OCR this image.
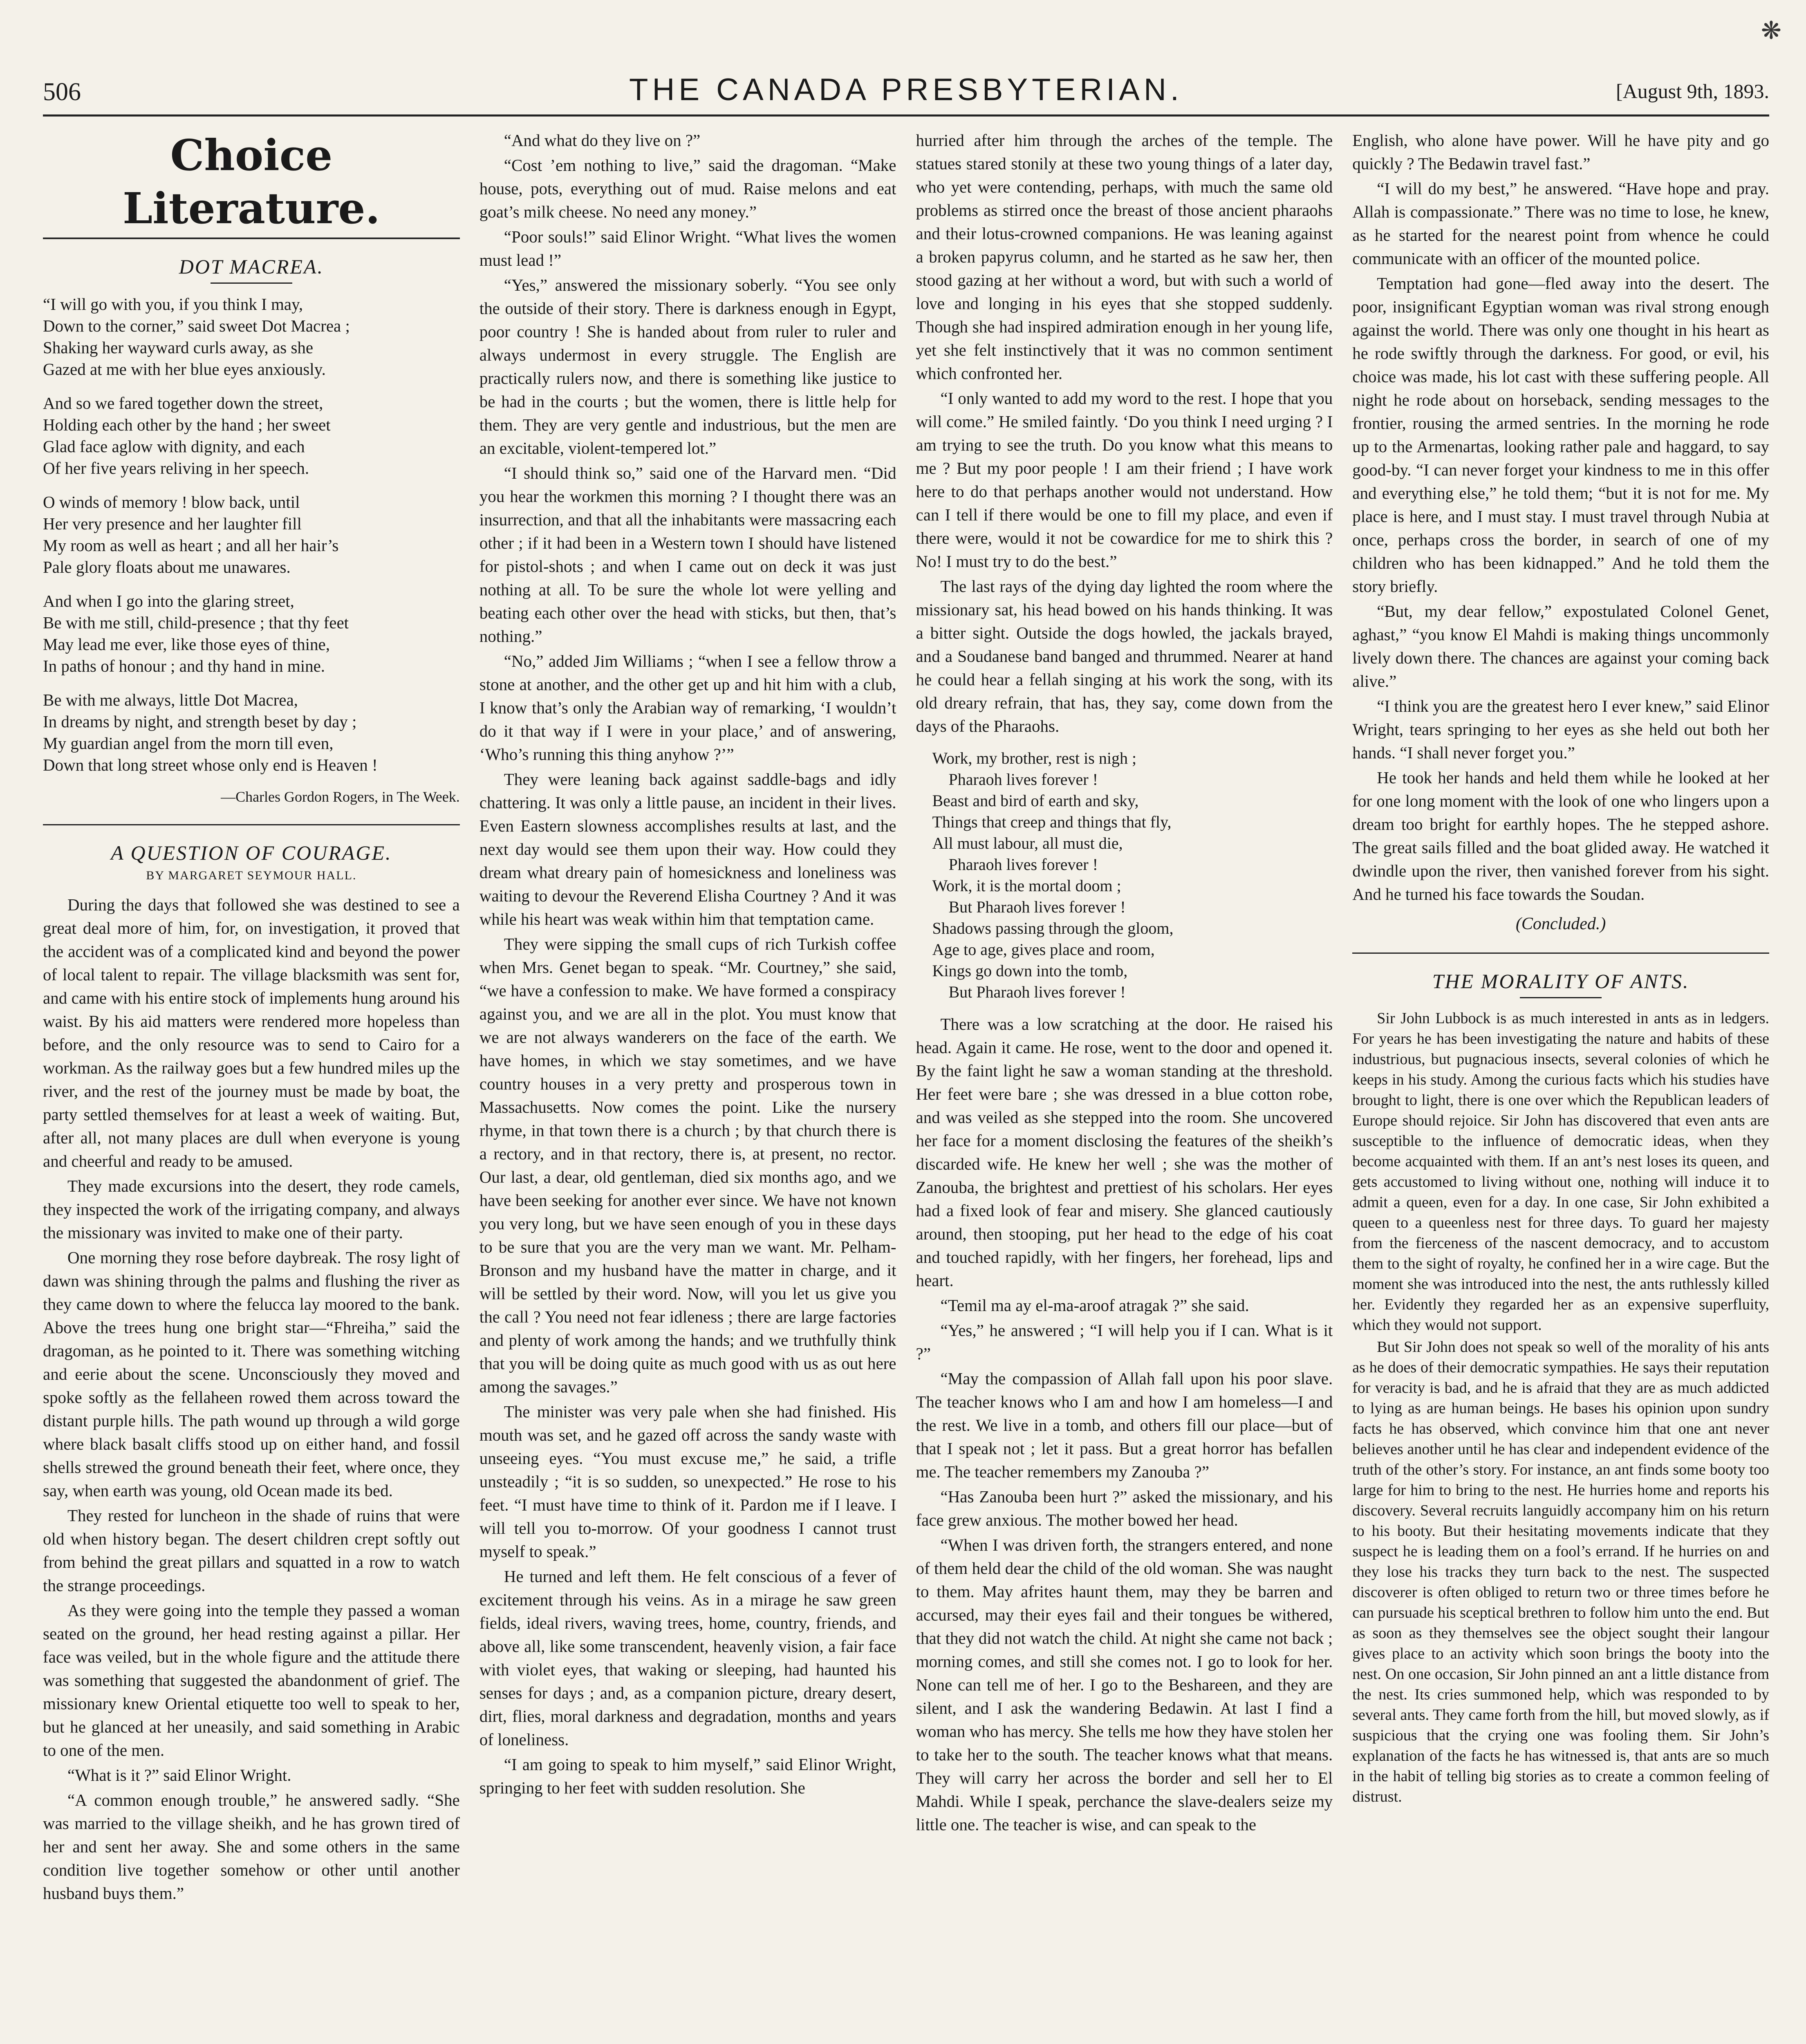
❋
506	THE CANADA PRESBYTERIAN.	[August 9th, 1893.
Choice Literature.
DOT MACREA.
“I will go with you, if you think I may,
Down to the corner,” said sweet Dot Macrea ;
Shaking her wayward curls away, as she
Gazed at me with her blue eyes anxiously.
And so we fared together down the street,
Holding each other by the hand ; her sweet
Glad face aglow with dignity, and each
Of her five years reliving in her speech.
O winds of memory ! blow back, until
Her very presence and her laughter fill
My room as well as heart ; and all her hair’s
Pale glory floats about me unawares.
And when I go into the glaring street,
Be with me still, child-presence ; that thy feet
May lead me ever, like those eyes of thine,
In paths of honour ; and thy hand in mine.
Be with me always, little Dot Macrea,
In dreams by night, and strength beset by day ;
My guardian angel from the morn till even,
Down that long street whose only end is Heaven !
—Charles Gordon Rogers, in The Week.
A QUESTION OF COURAGE.
BY MARGARET SEYMOUR HALL.

During the days that followed she was destined to see a great deal more of him, for, on investigation, it proved that the accident was of a complicated kind and beyond the power of local talent to repair. The village blacksmith was sent for, and came with his entire stock of implements hung around his waist. By his aid matters were rendered more hopeless than before, and the only resource was to send to Cairo for a workman. As the railway goes but a few hundred miles up the river, and the rest of the journey must be made by boat, the party settled themselves for at least a week of waiting. But, after all, not many places are dull when everyone is young and cheerful and ready to be amused.

They made excursions into the desert, they rode camels, they inspected the work of the irrigating company, and always the missionary was invited to make one of their party.

One morning they rose before daybreak. The rosy light of dawn was shining through the palms and flushing the river as they came down to where the felucca lay moored to the bank. Above the trees hung one bright star—“Fhreiha,” said the dragoman, as he pointed to it. There was something witching and eerie about the scene. Unconsciously they moved and spoke softly as the fellaheen rowed them across toward the distant purple hills. The path wound up through a wild gorge where black basalt cliffs stood up on either hand, and fossil shells strewed the ground beneath their feet, where once, they say, when earth was young, old Ocean made its bed.

They rested for luncheon in the shade of ruins that were old when history began. The desert children crept softly out from behind the great pillars and squatted in a row to watch the strange proceedings.

As they were going into the temple they passed a woman seated on the ground, her head resting against a pillar. Her face was veiled, but in the whole figure and the attitude there was something that suggested the abandonment of grief. The missionary knew Oriental etiquette too well to speak to her, but he glanced at her uneasily, and said something in Arabic to one of the men.

“What is it ?” said Elinor Wright.

“A common enough trouble,” he answered sadly. “She was married to the village sheikh, and he has grown tired of her and sent her away. She and some others in the same condition live together somehow or other until another husband buys them.”

“And what do they live on ?”

“Cost ’em nothing to live,” said the dragoman. “Make house, pots, everything out of mud. Raise melons and eat goat’s milk cheese. No need any money.”

“Poor souls!” said Elinor Wright. “What lives the women must lead !”

“Yes,” answered the missionary soberly. “You see only the outside of their story. There is darkness enough in Egypt, poor country ! She is handed about from ruler to ruler and always undermost in every struggle. The English are practically rulers now, and there is something like justice to be had in the courts ; but the women, there is little help for them. They are very gentle and industrious, but the men are an excitable, violent-tempered lot.”

“I should think so,” said one of the Harvard men. “Did you hear the workmen this morning ? I thought there was an insurrection, and that all the inhabitants were massacring each other ; if it had been in a Western town I should have listened for pistol-shots ; and when I came out on deck it was just nothing at all. To be sure the whole lot were yelling and beating each other over the head with sticks, but then, that’s nothing.”

“No,” added Jim Williams ; “when I see a fellow throw a stone at another, and the other get up and hit him with a club, I know that’s only the Arabian way of remarking, ‘I wouldn’t do it that way if I were in your place,’ and of answering, ‘Who’s running this thing anyhow ?’”

They were leaning back against saddle-bags and idly chattering. It was only a little pause, an incident in their lives. Even Eastern slowness accomplishes results at last, and the next day would see them upon their way. How could they dream what dreary pain of homesickness and loneliness was waiting to devour the Reverend Elisha Courtney ? And it was while his heart was weak within him that temptation came.

They were sipping the small cups of rich Turkish coffee when Mrs. Genet began to speak. “Mr. Courtney,” she said, “we have a confession to make. We have formed a conspiracy against you, and we are all in the plot. You must know that we are not always wanderers on the face of the earth. We have homes, in which we stay sometimes, and we have country houses in a very pretty and prosperous town in Massachusetts. Now comes the point. Like the nursery rhyme, in that town there is a church ; by that church there is a rectory, and in that rectory, there is, at present, no rector. Our last, a dear, old gentleman, died six months ago, and we have been seeking for another ever since. We have not known you very long, but we have seen enough of you in these days to be sure that you are the very man we want. Mr. Pelham-Bronson and my husband have the matter in charge, and it will be settled by their word. Now, will you let us give you the call ? You need not fear idleness ; there are large factories and plenty of work among the hands; and we truthfully think that you will be doing quite as much good with us as out here among the savages.”

The minister was very pale when she had finished. His mouth was set, and he gazed off across the sandy waste with unseeing eyes. “You must excuse me,” he said, a trifle unsteadily ; “it is so sudden, so unexpected.” He rose to his feet. “I must have time to think of it. Pardon me if I leave. I will tell you to-morrow. Of your goodness I cannot trust myself to speak.”

He turned and left them. He felt conscious of a fever of excitement through his veins. As in a mirage he saw green fields, ideal rivers, waving trees, home, country, friends, and above all, like some transcendent, heavenly vision, a fair face with violet eyes, that waking or sleeping, had haunted his senses for days ; and, as a companion picture, dreary desert, dirt, flies, moral darkness and degradation, months and years of loneliness.

“I am going to speak to him myself,” said Elinor Wright, springing to her feet with sudden resolution. She

hurried after him through the arches of the temple. The statues stared stonily at these two young things of a later day, who yet were contending, perhaps, with much the same old problems as stirred once the breast of those ancient pharaohs and their lotus-crowned companions. He was leaning against a broken papyrus column, and he started as he saw her, then stood gazing at her without a word, but with such a world of love and longing in his eyes that she stopped suddenly. Though she had inspired admiration enough in her young life, yet she felt instinctively that it was no common sentiment which confronted her.

“I only wanted to add my word to the rest. I hope that you will come.” He smiled faintly. ‘Do you think I need urging ? I am trying to see the truth. Do you know what this means to me ? But my poor people ! I am their friend ; I have work here to do that perhaps another would not understand. How can I tell if there would be one to fill my place, and even if there were, would it not be cowardice for me to shirk this ? No! I must try to do the best.”

The last rays of the dying day lighted the room where the missionary sat, his head bowed on his hands thinking. It was a bitter sight. Outside the dogs howled, the jackals brayed, and a Soudanese band banged and thrummed. Nearer at hand he could hear a fellah singing at his work the song, with its old dreary refrain, that has, they say, come down from the days of the Pharaohs.

Work, my brother, rest is nigh ;
Pharaoh lives forever !
Beast and bird of earth and sky,
Things that creep and things that fly,
All must labour, all must die,
Pharaoh lives forever !
Work, it is the mortal doom ;
But Pharaoh lives forever !
Shadows passing through the gloom,
Age to age, gives place and room,
Kings go down into the tomb,
But Pharaoh lives forever !

There was a low scratching at the door. He raised his head. Again it came. He rose, went to the door and opened it. By the faint light he saw a woman standing at the threshold. Her feet were bare ; she was dressed in a blue cotton robe, and was veiled as she stepped into the room. She uncovered her face for a moment disclosing the features of the sheikh’s discarded wife. He knew her well ; she was the mother of Zanouba, the brightest and prettiest of his scholars. Her eyes had a fixed look of fear and misery. She glanced cautiously around, then stooping, put her head to the edge of his coat and touched rapidly, with her fingers, her forehead, lips and heart.

“Temil ma ay el-ma-aroof atragak ?” she said.

“Yes,” he answered ; “I will help you if I can. What is it ?”

“May the compassion of Allah fall upon his poor slave. The teacher knows who I am and how I am homeless—I and the rest. We live in a tomb, and others fill our place—but of that I speak not ; let it pass. But a great horror has befallen me. The teacher remembers my Zanouba ?”

“Has Zanouba been hurt ?” asked the missionary, and his face grew anxious. The mother bowed her head.

“When I was driven forth, the strangers entered, and none of them held dear the child of the old woman. She was naught to them. May afrites haunt them, may they be barren and accursed, may their eyes fail and their tongues be withered, that they did not watch the child. At night she came not back ; morning comes, and still she comes not. I go to look for her. None can tell me of her. I go to the Beshareen, and they are silent, and I ask the wandering Bedawin. At last I find a woman who has mercy. She tells me how they have stolen her to take her to the south. The teacher knows what that means. They will carry her across the border and sell her to El Mahdi. While I speak, perchance the slave-dealers seize my little one. The teacher is wise, and can speak to the

English, who alone have power. Will he have pity and go quickly ? The Bedawin travel fast.”

“I will do my best,” he answered. “Have hope and pray. Allah is compassionate.” There was no time to lose, he knew, as he started for the nearest point from whence he could communicate with an officer of the mounted police.

Temptation had gone—fled away into the desert. The poor, insignificant Egyptian woman was rival strong enough against the world. There was only one thought in his heart as he rode swiftly through the darkness. For good, or evil, his choice was made, his lot cast with these suffering people. All night he rode about on horseback, sending messages to the frontier, rousing the armed sentries. In the morning he rode up to the Armenartas, looking rather pale and haggard, to say good-by. “I can never forget your kindness to me in this offer and everything else,” he told them; “but it is not for me. My place is here, and I must stay. I must travel through Nubia at once, perhaps cross the border, in search of one of my children who has been kidnapped.” And he told them the story briefly.

“But, my dear fellow,” expostulated Colonel Genet, aghast,” “you know El Mahdi is making things uncommonly lively down there. The chances are against your coming back alive.”

“I think you are the greatest hero I ever knew,” said Elinor Wright, tears springing to her eyes as she held out both her hands. “I shall never forget you.”

He took her hands and held them while he looked at her for one long moment with the look of one who lingers upon a dream too bright for earthly hopes. The he stepped ashore. The great sails filled and the boat glided away. He watched it dwindle upon the river, then vanished forever from his sight. And he turned his face towards the Soudan.

(Concluded.)
THE MORALITY OF ANTS.

Sir John Lubbock is as much interested in ants as in ledgers. For years he has been investigating the nature and habits of these industrious, but pugnacious insects, several colonies of which he keeps in his study. Among the curious facts which his studies have brought to light, there is one over which the Republican leaders of Europe should rejoice. Sir John has discovered that even ants are susceptible to the influence of democratic ideas, when they become acquainted with them. If an ant’s nest loses its queen, and gets accustomed to living without one, nothing will induce it to admit a queen, even for a day. In one case, Sir John exhibited a queen to a queenless nest for three days. To guard her majesty from the fierceness of the nascent democracy, and to accustom them to the sight of royalty, he confined her in a wire cage. But the moment she was introduced into the nest, the ants ruthlessly killed her. Evidently they regarded her as an expensive superfluity, which they would not support.

But Sir John does not speak so well of the morality of his ants as he does of their democratic sympathies. He says their reputation for veracity is bad, and he is afraid that they are as much addicted to lying as are human beings. He bases his opinion upon sundry facts he has observed, which convince him that one ant never believes another until he has clear and independent evidence of the truth of the other’s story. For instance, an ant finds some booty too large for him to bring to the nest. He hurries home and reports his discovery. Several recruits languidly accompany him on his return to his booty. But their hesitating movements indicate that they suspect he is leading them on a fool’s errand. If he hurries on and they lose his tracks they turn back to the nest. The suspected discoverer is often obliged to return two or three times before he can pursuade his sceptical brethren to follow him unto the end. But as soon as they themselves see the object sought their langour gives place to an activity which soon brings the booty into the nest. On one occasion, Sir John pinned an ant a little distance from the nest. Its cries summoned help, which was responded to by several ants. They came forth from the hill, but moved slowly, as if suspicious that the crying one was fooling them. Sir John’s explanation of the facts he has witnessed is, that ants are so much in the habit of telling big stories as to create a common feeling of distrust.
